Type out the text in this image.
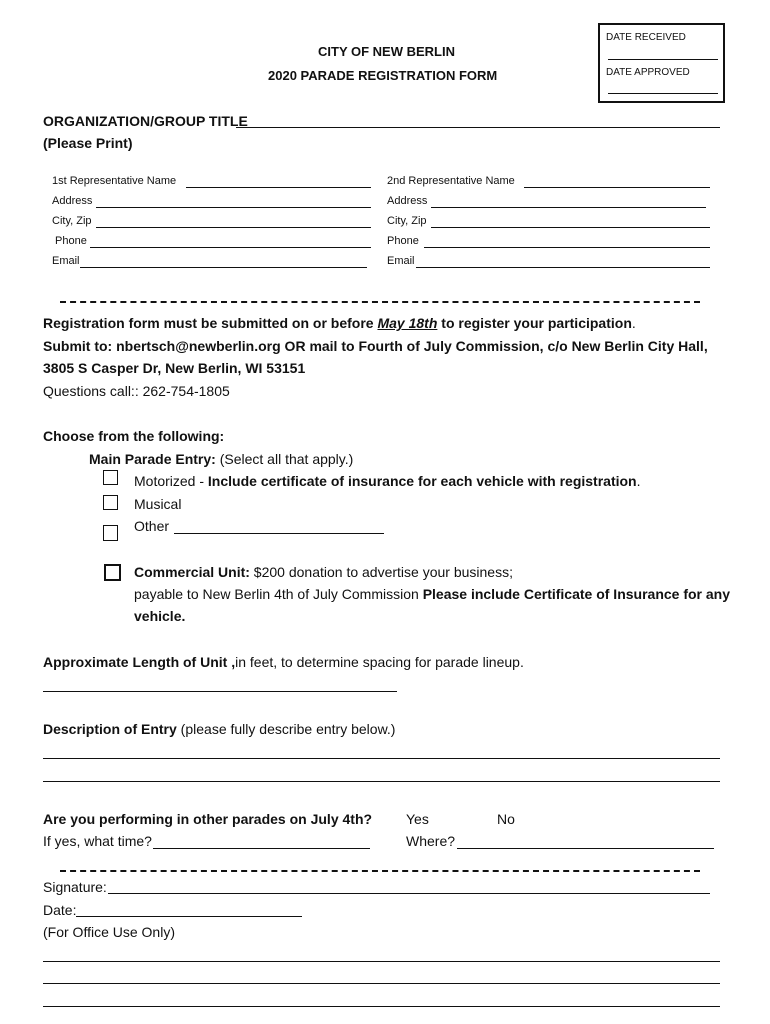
CITY OF NEW BERLIN
2020 PARADE REGISTRATION FORM
DATE RECEIVED
DATE APPROVED
ORGANIZATION/GROUP TITLE
(Please Print)
1st Representative Name
Address
City, Zip
Phone
Email
2nd Representative Name
Address
City, Zip
Phone
Email
Registration form must be submitted on or before May 18th to register your participation.
Submit to: nbertsch@newberlin.org OR mail to Fourth of July Commission, c/o New Berlin City Hall,
3805 S Casper Dr, New Berlin, WI 53151
Questions call:: 262-754-1805
Choose from the following:
Main Parade Entry: (Select all that apply.)
Motorized - Include certificate of insurance for each vehicle with registration.
Musical
Other
Commercial Unit: $200 donation to advertise your business;
payable to New Berlin 4th of July Commission Please include Certificate of Insurance for any
vehicle.
Approximate Length of Unit ,in feet, to determine spacing for parade lineup.
Description of Entry (please fully describe entry below.)
Are you performing in other parades on July 4th? Yes	No
If yes, what time?	Where?
Signature:
Date:
(For Office Use Only)
